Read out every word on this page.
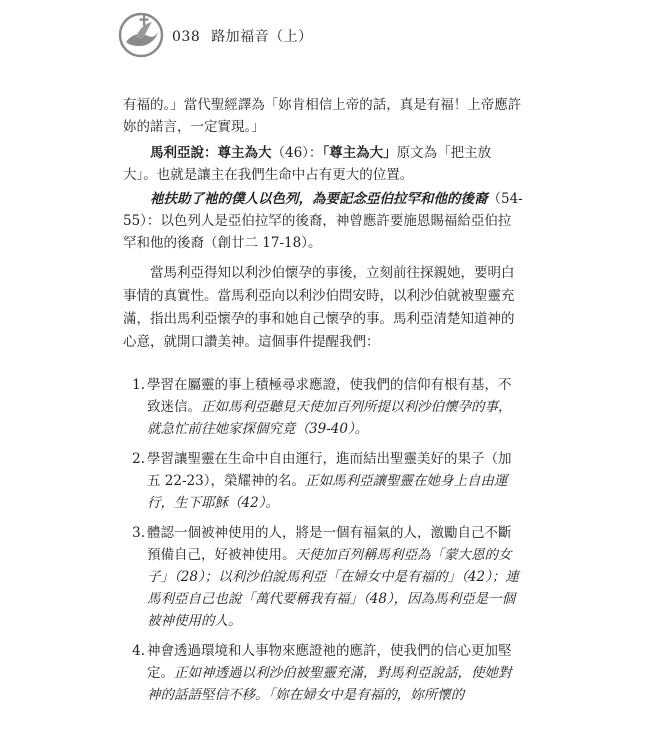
038 路加福音（上）

有福的。」當代聖經譯為「妳肯相信上帝的話，真是有福！上帝應許妳的諾言，一定實現。」

  馬利亞說：尊主為大（46）：「尊主為大」原文為「把主放大」。也就是讓主在我們生命中占有更大的位置。

  祂扶助了祂的僕人以色列，為要記念亞伯拉罕和他的後裔（54-55）：以色列人是亞伯拉罕的後裔，神曾應許要施恩賜福給亞伯拉罕和他的後裔（創廿二 17-18）。

  當馬利亞得知以利沙伯懷孕的事後，立刻前往探親她，要明白事情的真實性。當馬利亞向以利沙伯問安時，以利沙伯就被聖靈充滿，指出馬利亞懷孕的事和她自己懷孕的事。馬利亞清楚知道神的心意，就開口讚美神。這個事件提醒我們：

1. 學習在屬靈的事上積極尋求應證，使我們的信仰有根有基，不致迷信。正如馬利亞聽見天使加百列所提以利沙伯懷孕的事，就急忙前往她家探個究竟（39-40）。
2. 學習讓聖靈在生命中自由運行，進而結出聖靈美好的果子（加五 22-23），榮耀神的名。正如馬利亞讓聖靈在她身上自由運行，生下耶穌（42）。
3. 體認一個被神使用的人，將是一個有福氣的人，激勵自己不斷預備自己，好被神使用。天使加百列稱馬利亞為「蒙大恩的女子」（28）；以利沙伯說馬利亞「在婦女中是有福的」（42）；連馬利亞自己也說「萬代要稱我有福」（48），因為馬利亞是一個被神使用的人。
4. 神會透過環境和人事物來應證祂的應許，使我們的信心更加堅定。正如神透過以利沙伯被聖靈充滿，對馬利亞說話，使她對神的話語堅信不移。「妳在婦女中是有福的，妳所懷的
